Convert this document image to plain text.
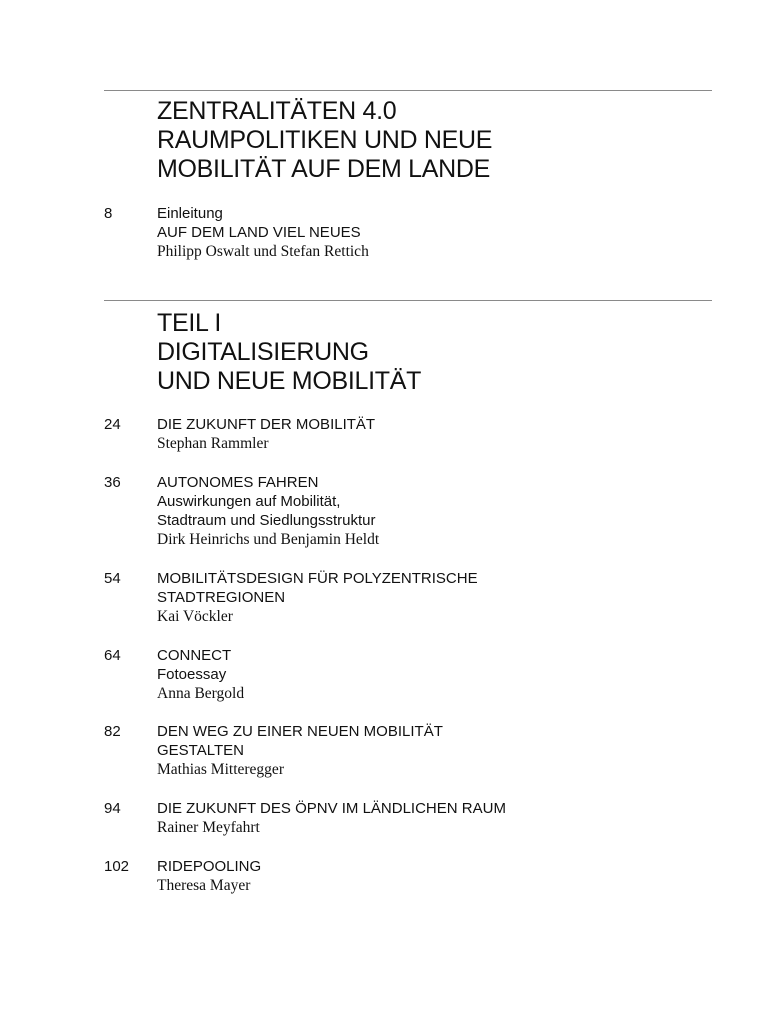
ZENTRALITÄTEN 4.0
RAUMPOLITIKEN UND NEUE
MOBILITÄT AUF DEM LANDE
8	Einleitung
AUF DEM LAND VIEL NEUES
Philipp Oswalt und Stefan Rettich
TEIL I
DIGITALISIERUNG
UND NEUE MOBILITÄT
24 DIE ZUKUNFT DER MOBILITÄT
Stephan Rammler
36 AUTONOMES FAHREN
Auswirkungen auf Mobilität,
Stadtraum und Siedlungsstruktur
Dirk Heinrichs und Benjamin Heldt
54 MOBILITÄTSDESIGN FÜR POLYZENTRISCHE
STADTREGIONEN
Kai Vöckler
64 CONNECT
Fotoessay
Anna Bergold
82 DEN WEG ZU EINER NEUEN MOBILITÄT
GESTALTEN
Mathias Mitteregger
94 DIE ZUKUNFT DES ÖPNV IM LÄNDLICHEN RAUM
Rainer Meyfahrt
102 RIDEPOOLING
Theresa Mayer
